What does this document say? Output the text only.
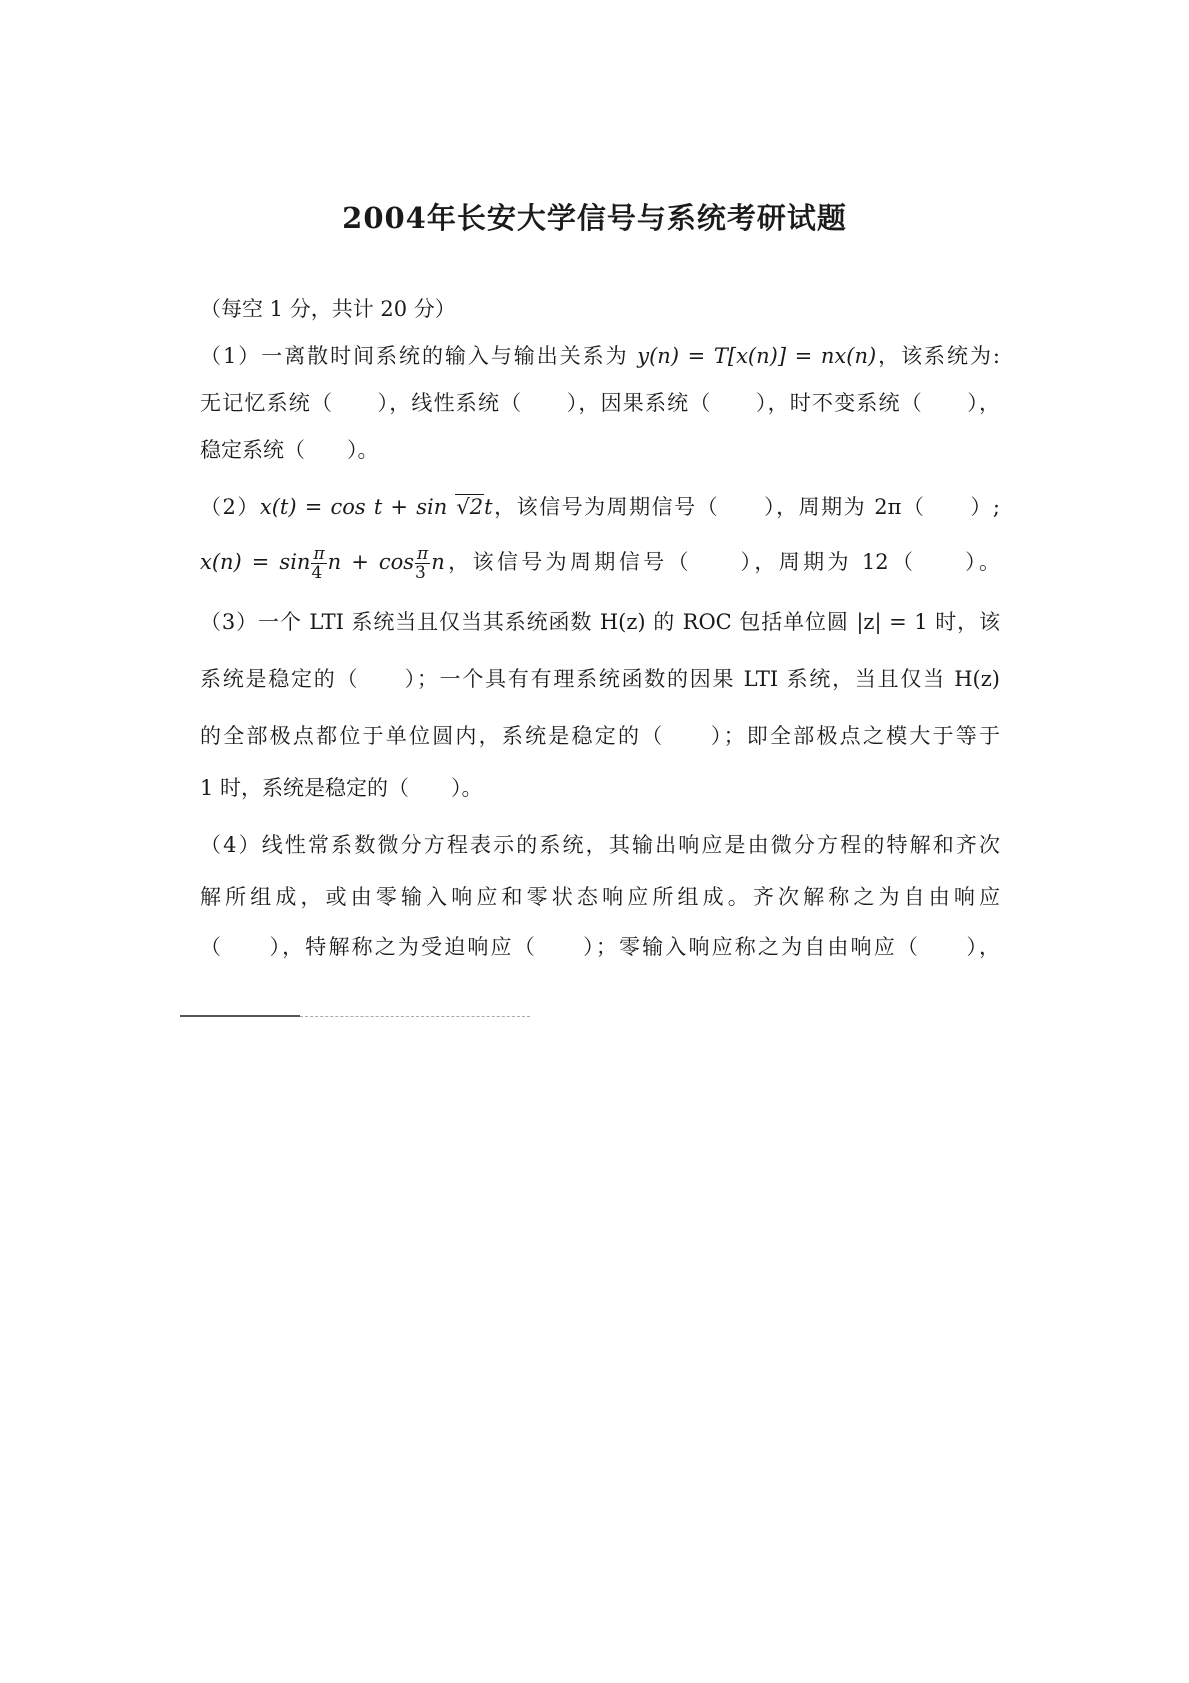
2004年长安大学信号与系统考研试题
（每空 1 分，共计 20 分）
（1）一离散时间系统的输入与输出关系为 y(n) = T[x(n)] = nx(n)，该系统为:
无记忆系统（　　），线性系统（　　），因果系统（　　），时不变系统（　　），
稳定系统（　　）。
（2）x(t) = cos t + sin √2t，该信号为周期信号（　　），周期为 2π（　　）;
$x(n) = \sin \frac{\pi}{4}$ $n + \cos \frac{\pi}{3}$ n，该信号为周期信号（　　），周期为 12（　　）。
（3）一个 LTI 系统当且仅当其系统函数 H(z) 的 ROC 包括单位圆 |z| = 1 时，该
系统是稳定的（　　）；一个具有有理系统函数的因果 LTI 系统，当且仅当 H(z)
的全部极点都位于单位圆内，系统是稳定的（　　）；即全部极点之模大于等于
1 时，系统是稳定的（　　）。
（4）线性常系数微分方程表示的系统，其输出响应是由微分方程的特解和齐次
解所组成，或由零输入响应和零状态响应所组成。齐次解称之为自由响应
（　　），特解称之为受迫响应（　　）；零输入响应称之为自由响应（　　），
